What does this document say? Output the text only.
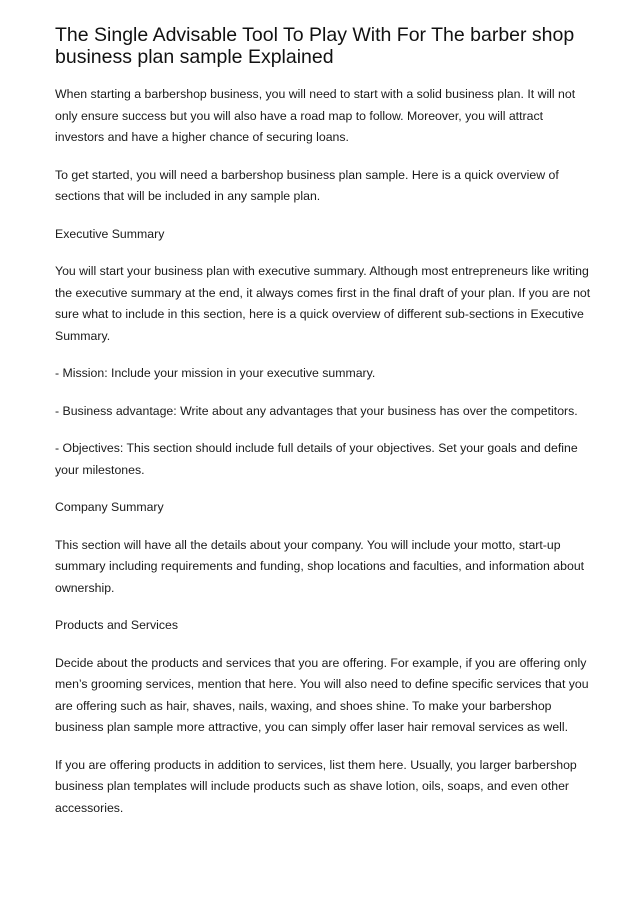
The Single Advisable Tool To Play With For The barber shop business plan sample Explained

When starting a barbershop business, you will need to start with a solid business plan. It will not only ensure success but you will also have a road map to follow. Moreover, you will attract investors and have a higher chance of securing loans.

To get started, you will need a barbershop business plan sample. Here is a quick overview of sections that will be included in any sample plan.

Executive Summary

You will start your business plan with executive summary. Although most entrepreneurs like writing the executive summary at the end, it always comes first in the final draft of your plan. If you are not sure what to include in this section, here is a quick overview of different sub-sections in Executive Summary.

- Mission: Include your mission in your executive summary.

- Business advantage: Write about any advantages that your business has over the competitors.

- Objectives: This section should include full details of your objectives. Set your goals and define your milestones.

Company Summary

This section will have all the details about your company. You will include your motto, start-up summary including requirements and funding, shop locations and faculties, and information about ownership.

Products and Services

Decide about the products and services that you are offering. For example, if you are offering only men’s grooming services, mention that here. You will also need to define specific services that you are offering such as hair, shaves, nails, waxing, and shoes shine. To make your barbershop business plan sample more attractive, you can simply offer laser hair removal services as well.

If you are offering products in addition to services, list them here. Usually, you larger barbershop business plan templates will include products such as shave lotion, oils, soaps, and even other accessories.
